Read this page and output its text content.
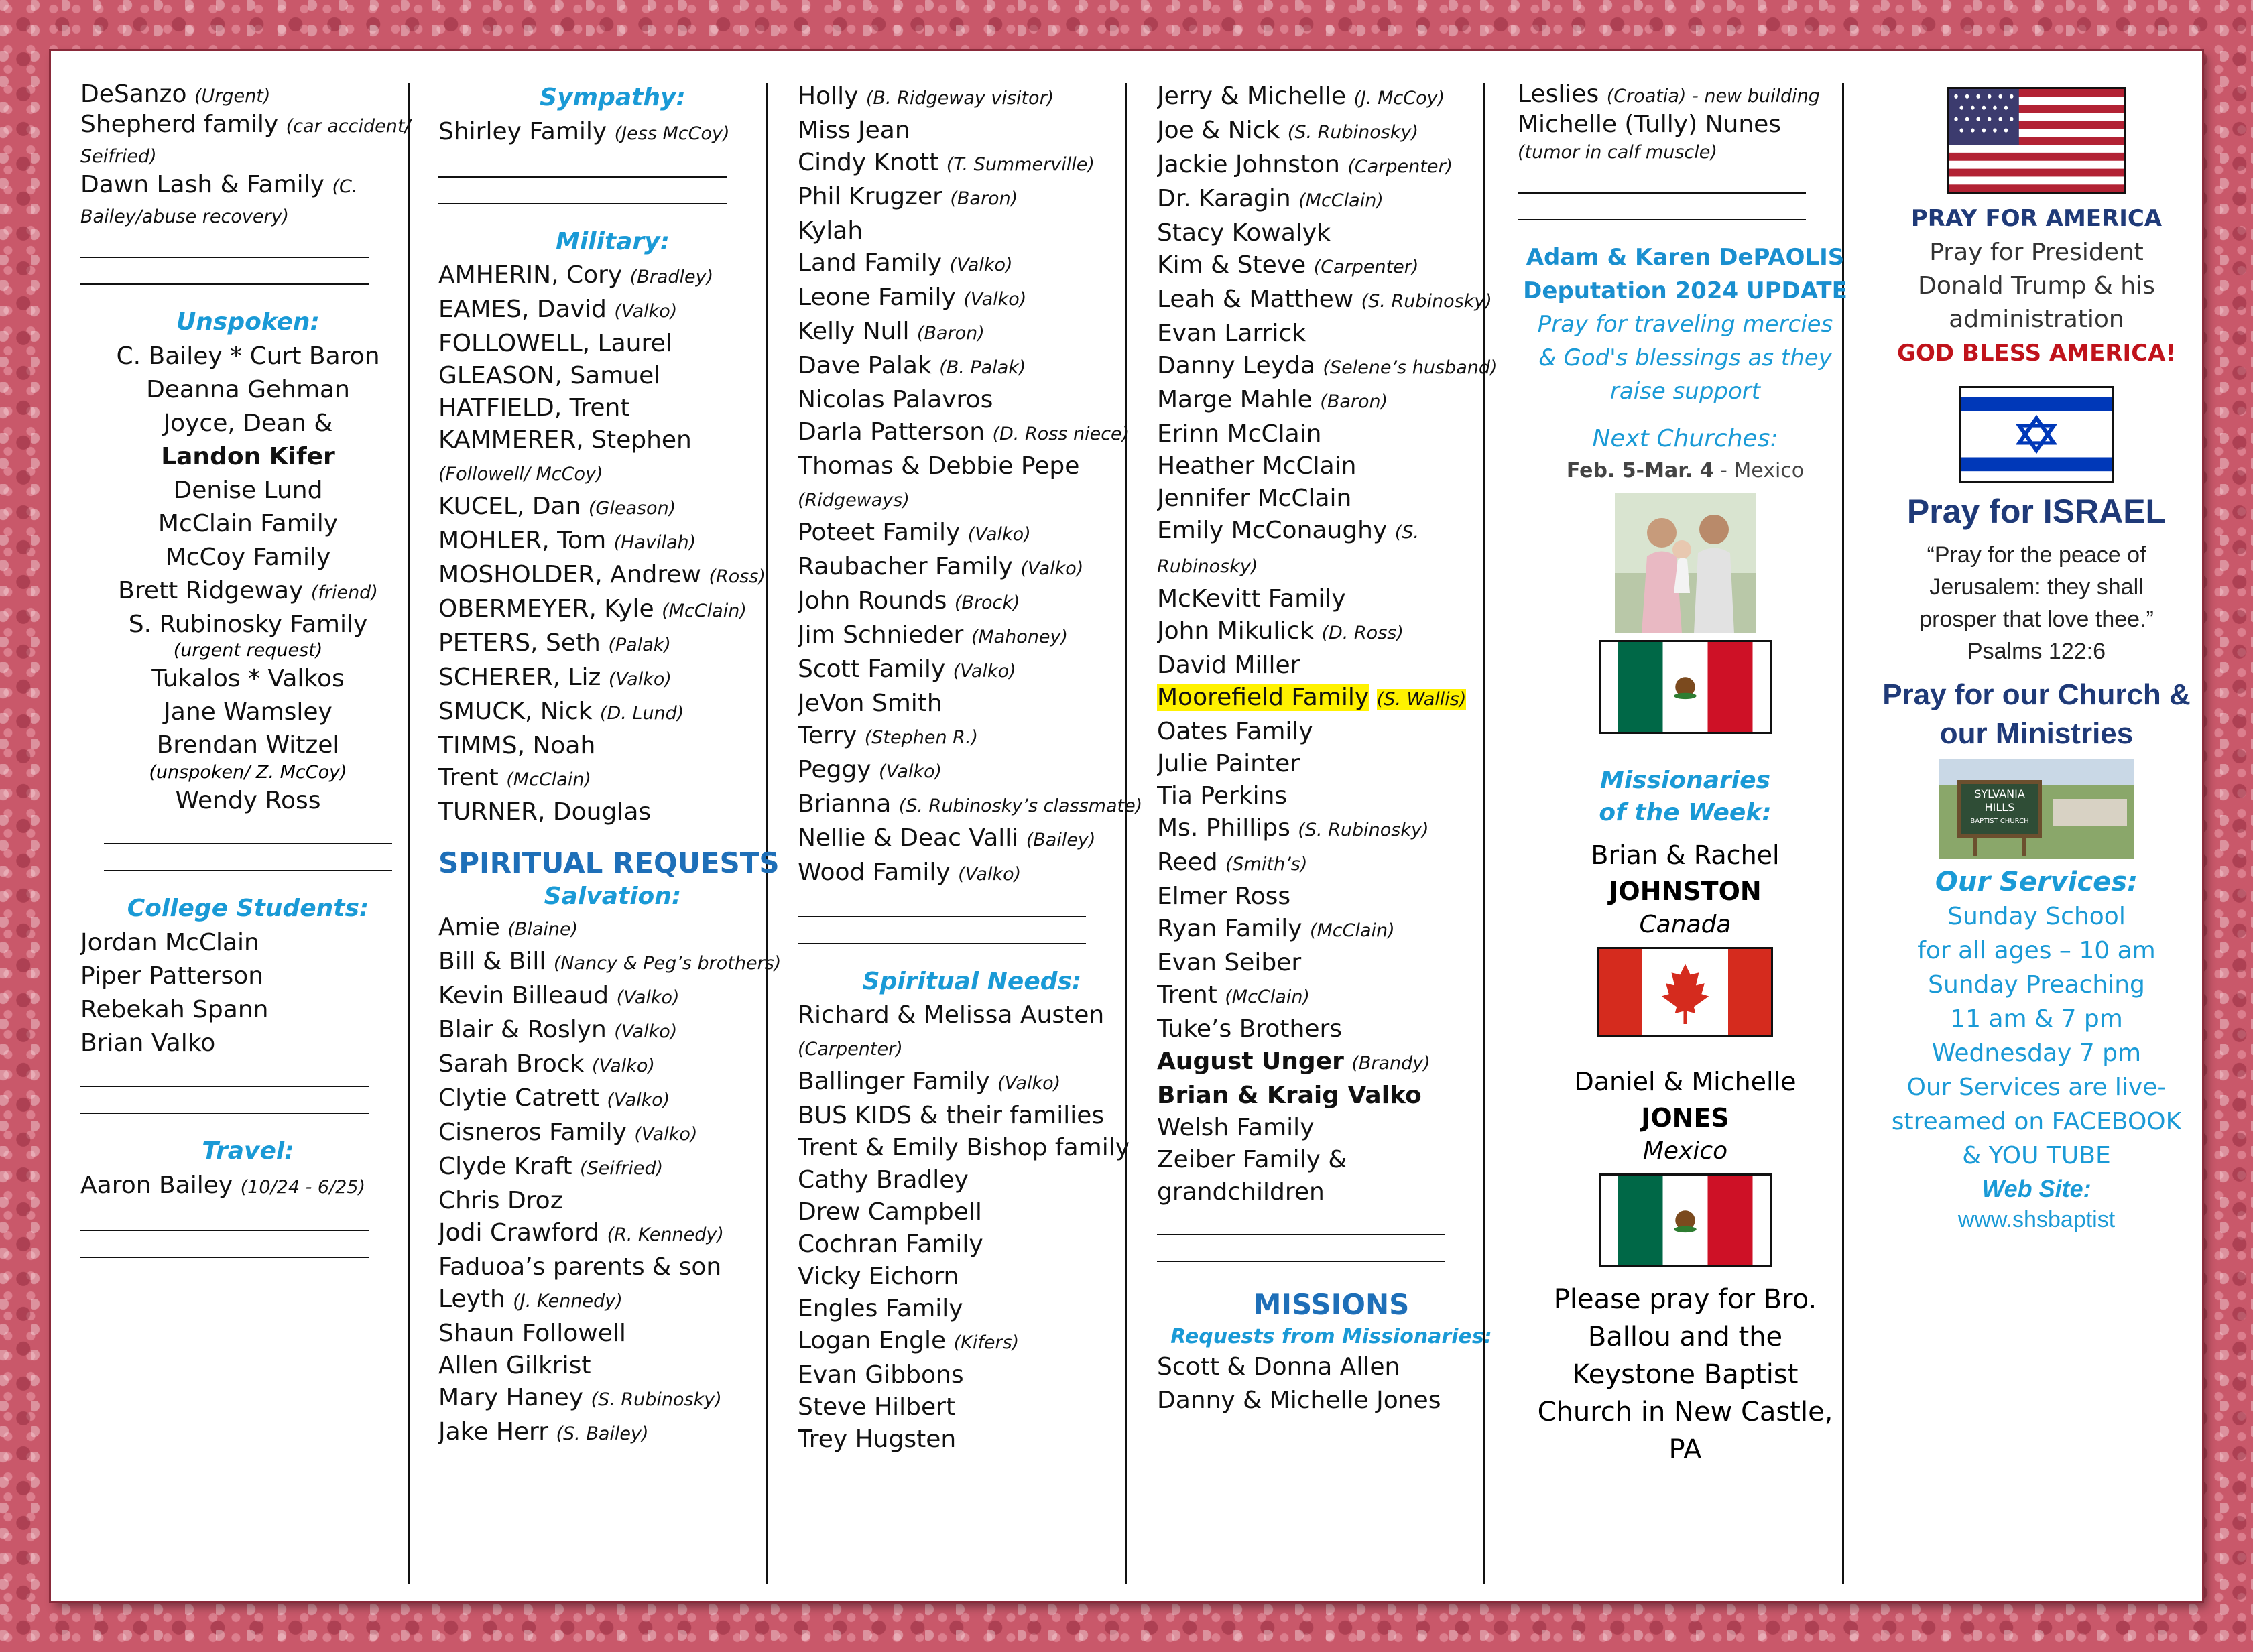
DeSanzo (Urgent)
Shepherd family (car accident/ Seifried)
Dawn Lash & Family (C. Bailey/abuse recovery)
Unspoken:
C. Bailey * Curt Baron
Deanna Gehman
Joyce, Dean &
Landon Kifer
Denise Lund
McClain Family
McCoy Family
Brett Ridgeway (friend)
S. Rubinosky Family
(urgent request)
Tukalos * Valkos
Jane Wamsley
Brendan Witzel
(unspoken/ Z. McCoy)
Wendy Ross
College Students:
Jordan McClain
Piper Patterson
Rebekah Spann
Brian Valko
Travel:
Aaron Bailey (10/24 - 6/25)
Sympathy:
Shirley Family (Jess McCoy)
Military:
AMHERIN, Cory (Bradley)
EAMES, David (Valko)
FOLLOWELL, Laurel
GLEASON, Samuel
HATFIELD, Trent
KAMMERER, Stephen (Followell/ McCoy)
KUCEL, Dan (Gleason)
MOHLER, Tom (Havilah)
MOSHOLDER, Andrew (Ross)
OBERMEYER, Kyle (McClain)
PETERS, Seth (Palak)
SCHERER, Liz (Valko)
SMUCK, Nick (D. Lund)
TIMMS, Noah
Trent (McClain)
TURNER, Douglas
SPIRITUAL REQUESTS
Salvation:
Amie (Blaine)
Bill & Bill (Nancy & Peg’s brothers)
Kevin Billeaud (Valko)
Blair & Roslyn (Valko)
Sarah Brock (Valko)
Clytie Catrett (Valko)
Cisneros Family (Valko)
Clyde Kraft (Seifried)
Chris Droz
Jodi Crawford (R. Kennedy)
Faduoa’s parents & son
Leyth (J. Kennedy)
Shaun Followell
Allen Gilkrist
Mary Haney (S. Rubinosky)
Jake Herr (S. Bailey)
Holly (B. Ridgeway visitor)
Miss Jean
Cindy Knott (T. Summerville)
Phil Krugzer (Baron)
Kylah
Land Family (Valko)
Leone Family (Valko)
Kelly Null (Baron)
Dave Palak (B. Palak)
Nicolas Palavros
Darla Patterson (D. Ross niece)
Thomas & Debbie Pepe (Ridgeways)
Poteet Family (Valko)
Raubacher Family (Valko)
John Rounds (Brock)
Jim Schnieder (Mahoney)
Scott Family (Valko)
JeVon Smith
Terry (Stephen R.)
Peggy (Valko)
Brianna (S. Rubinosky’s classmate)
Nellie & Deac Valli (Bailey)
Wood Family (Valko)
Spiritual Needs:
Richard & Melissa Austen (Carpenter)
Ballinger Family (Valko)
BUS KIDS & their families
Trent & Emily Bishop family
Cathy Bradley
Drew Campbell
Cochran Family
Vicky Eichorn
Engles Family
Logan Engle (Kifers)
Evan Gibbons
Steve Hilbert
Trey Hugsten
Jerry & Michelle (J. McCoy)
Joe & Nick (S. Rubinosky)
Jackie Johnston (Carpenter)
Dr. Karagin (McClain)
Stacy Kowalyk
Kim & Steve (Carpenter)
Leah & Matthew (S. Rubinosky)
Evan Larrick
Danny Leyda (Selene’s husband)
Marge Mahle (Baron)
Erinn McClain
Heather McClain
Jennifer McClain
Emily McConaughy (S. Rubinosky)
McKevitt Family
John Mikulick (D. Ross)
David Miller
Moorefield Family (S. Wallis)
Oates Family
Julie Painter
Tia Perkins
Ms. Phillips (S. Rubinosky)
Reed (Smith’s)
Elmer Ross
Ryan Family (McClain)
Evan Seiber
Trent (McClain)
Tuke’s Brothers
August Unger (Brandy)
Brian & Kraig Valko
Welsh Family
Zeiber Family & grandchildren
MISSIONS
Requests from Missionaries:
Scott & Donna Allen
Danny & Michelle Jones
Leslies (Croatia) - new building
Michelle (Tully) Nunes
(tumor in calf muscle)
Adam & Karen DePAOLIS
Deputation 2024 UPDATE
Pray for traveling mercies & God's blessings as they raise support
Next Churches:
Feb. 5-Mar. 4 - Mexico
Missionaries
of the Week:
Brian & Rachel
JOHNSTON
Canada
Daniel & Michelle
JONES
Mexico
Please pray for Bro. Ballou and the Keystone Baptist Church in New Castle, PA
PRAY FOR AMERICA
Pray for President Donald Trump & his administration
GOD BLESS AMERICA!
Pray for ISRAEL
“Pray for the peace of Jerusalem: they shall prosper that love thee.”
Psalms 122:6
Pray for our Church & our Ministries
SYLVANIA
HILLS
BAPTIST CHURCH
Our Services:
Sunday School
for all ages – 10 am
Sunday Preaching
11 am & 7 pm
Wednesday 7 pm
Our Services are live-streamed on FACEBOOK & YOU TUBE
Web Site:
www.shsbaptist
